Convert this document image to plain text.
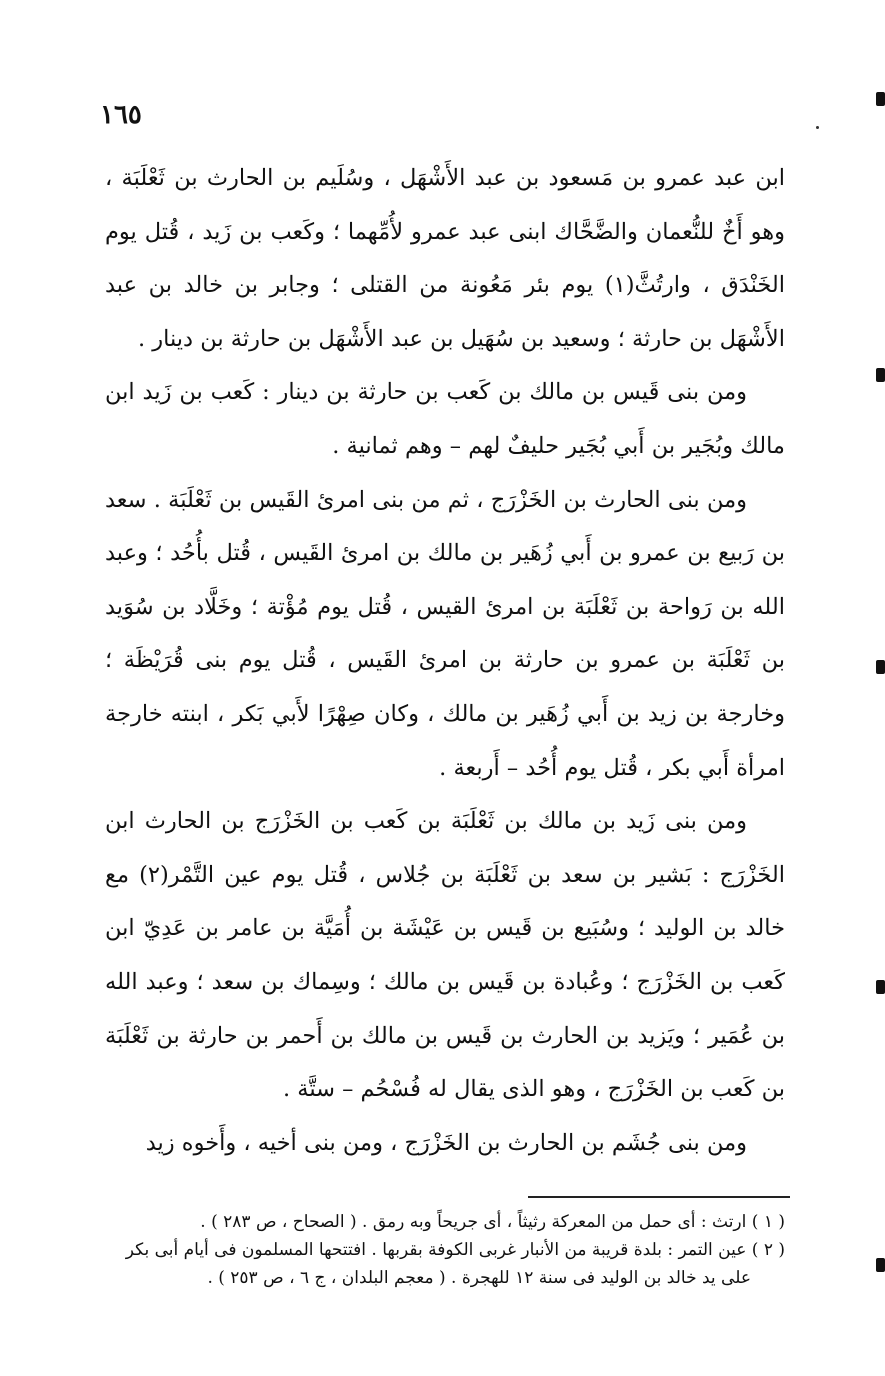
١٦٥

ابن عبد عمرو بن مَسعود بن عبد الأَشْهَل ، وسُلَيم بن الحارث بن ثَعْلَبَة ، وهو أَخٌ للنُّعمان والضَّحَّاك ابنى عبد عمرو لأُمِّهما ؛ وكَعب بن زَيد ، قُتل يوم الخَنْدَق ، وارتُثَّ(١) يوم بئر مَعُونة من القتلى ؛ وجابر بن خالد بن عبد الأَشْهَل بن حارثة ؛ وسعيد بن سُهَيل بن عبد الأَشْهَل بن حارثة بن دينار .

ومن بنى قَيس بن مالك بن كَعب بن حارثة بن دينار : كَعب بن زَيد ابن مالك وبُجَير بن أَبي بُجَير حليفٌ لهم – وهم ثمانية .

ومن بنى الحارث بن الخَزْرَج ، ثم من بنى امرئ القَيس بن ثَعْلَبَة . سعد بن رَبيع بن عمرو بن أَبي زُهَير بن مالك بن امرئ القَيس ، قُتل بأُحُد ؛ وعبد الله بن رَواحة بن ثَعْلَبَة بن امرئ القيس ، قُتل يوم مُؤْتة ؛ وخَلَّاد بن سُوَيد بن ثَعْلَبَة بن عمرو بن حارثة بن امرئ القَيس ، قُتل يوم بنى قُرَيْظَة ؛ وخارجة بن زيد بن أَبي زُهَير بن مالك ، وكان صِهْرًا لأَبي بَكر ، ابنته خارجة امرأة أَبي بكر ، قُتل يوم أُحُد – أَربعة .

ومن بنى زَيد بن مالك بن ثَعْلَبَة بن كَعب بن الخَزْرَج بن الحارث ابن الخَزْرَج : بَشير بن سعد بن ثَعْلَبَة بن جُلاس ، قُتل يوم عين التَّمْر(٢) مع خالد بن الوليد ؛ وسُبَيع بن قَيس بن عَيْشَة بن أُمَيَّة بن عامر بن عَدِيّ ابن كَعب بن الخَزْرَج ؛ وعُبادة بن قَيس بن مالك ؛ وسِماك بن سعد ؛ وعبد الله بن عُمَير ؛ ويَزيد بن الحارث بن قَيس بن مالك بن أَحمر بن حارثة بن ثَعْلَبَة بن كَعب بن الخَزْرَج ، وهو الذى يقال له فُسْحُم – ستَّة .

ومن بنى جُشَم بن الحارث بن الخَزْرَج ، ومن بنى أخيه ، وأَخوه زيد

( ١ ) ارتث : أى حمل من المعركة رثيثاً ، أى جريحاً وبه رمق . ( الصحاح ، ص ٢٨٣ ) .

( ٢ ) عين التمر : بلدة قريبة من الأنبار غربى الكوفة بقربها . افتتحها المسلمون فى أيام أبى بكر

على يد خالد بن الوليد فى سنة ١٢ للهجرة . ( معجم البلدان ، ج ٦ ، ص ٢٥٣ ) .
